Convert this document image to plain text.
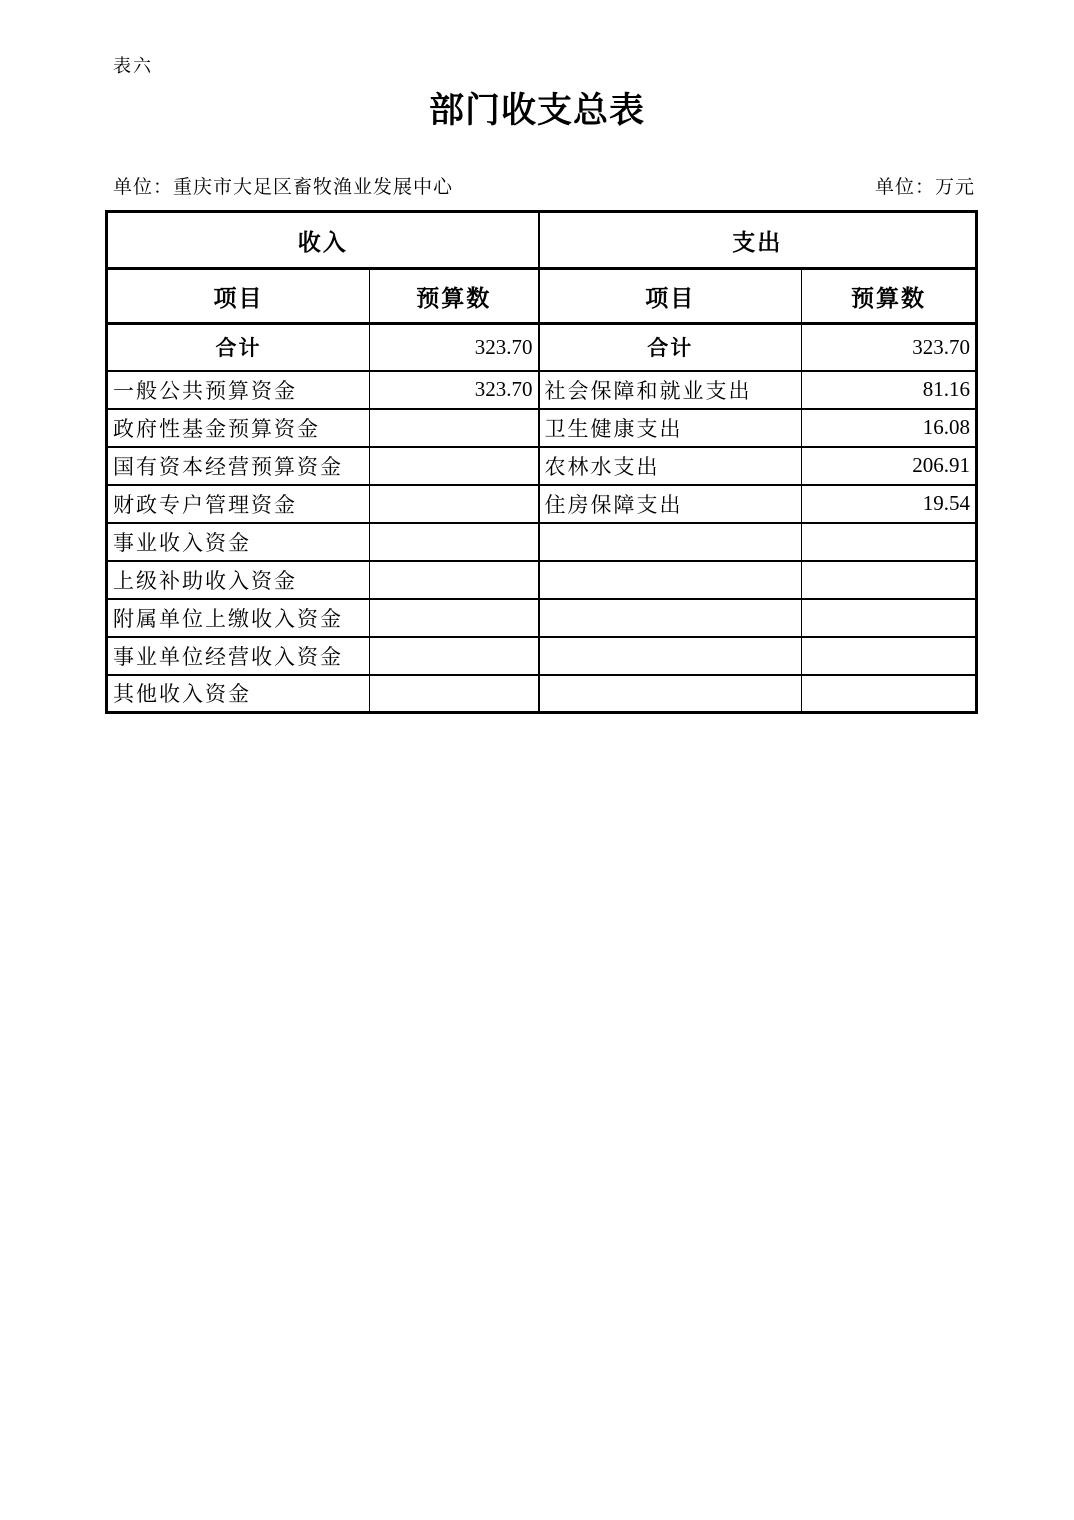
表六
部门收支总表
单位：重庆市大足区畜牧渔业发展中心	单位：万元
收入		支出	
项目	预算数	项目	预算数
合计	323.70	合计	323.70
一般公共预算资金	323.70	社会保障和就业支出	81.16
政府性基金预算资金		卫生健康支出	16.08
国有资本经营预算资金		农林水支出	206.91
财政专户管理资金		住房保障支出	19.54
事业收入资金			
上级补助收入资金			
附属单位上缴收入资金			
事业单位经营收入资金			
其他收入资金			
